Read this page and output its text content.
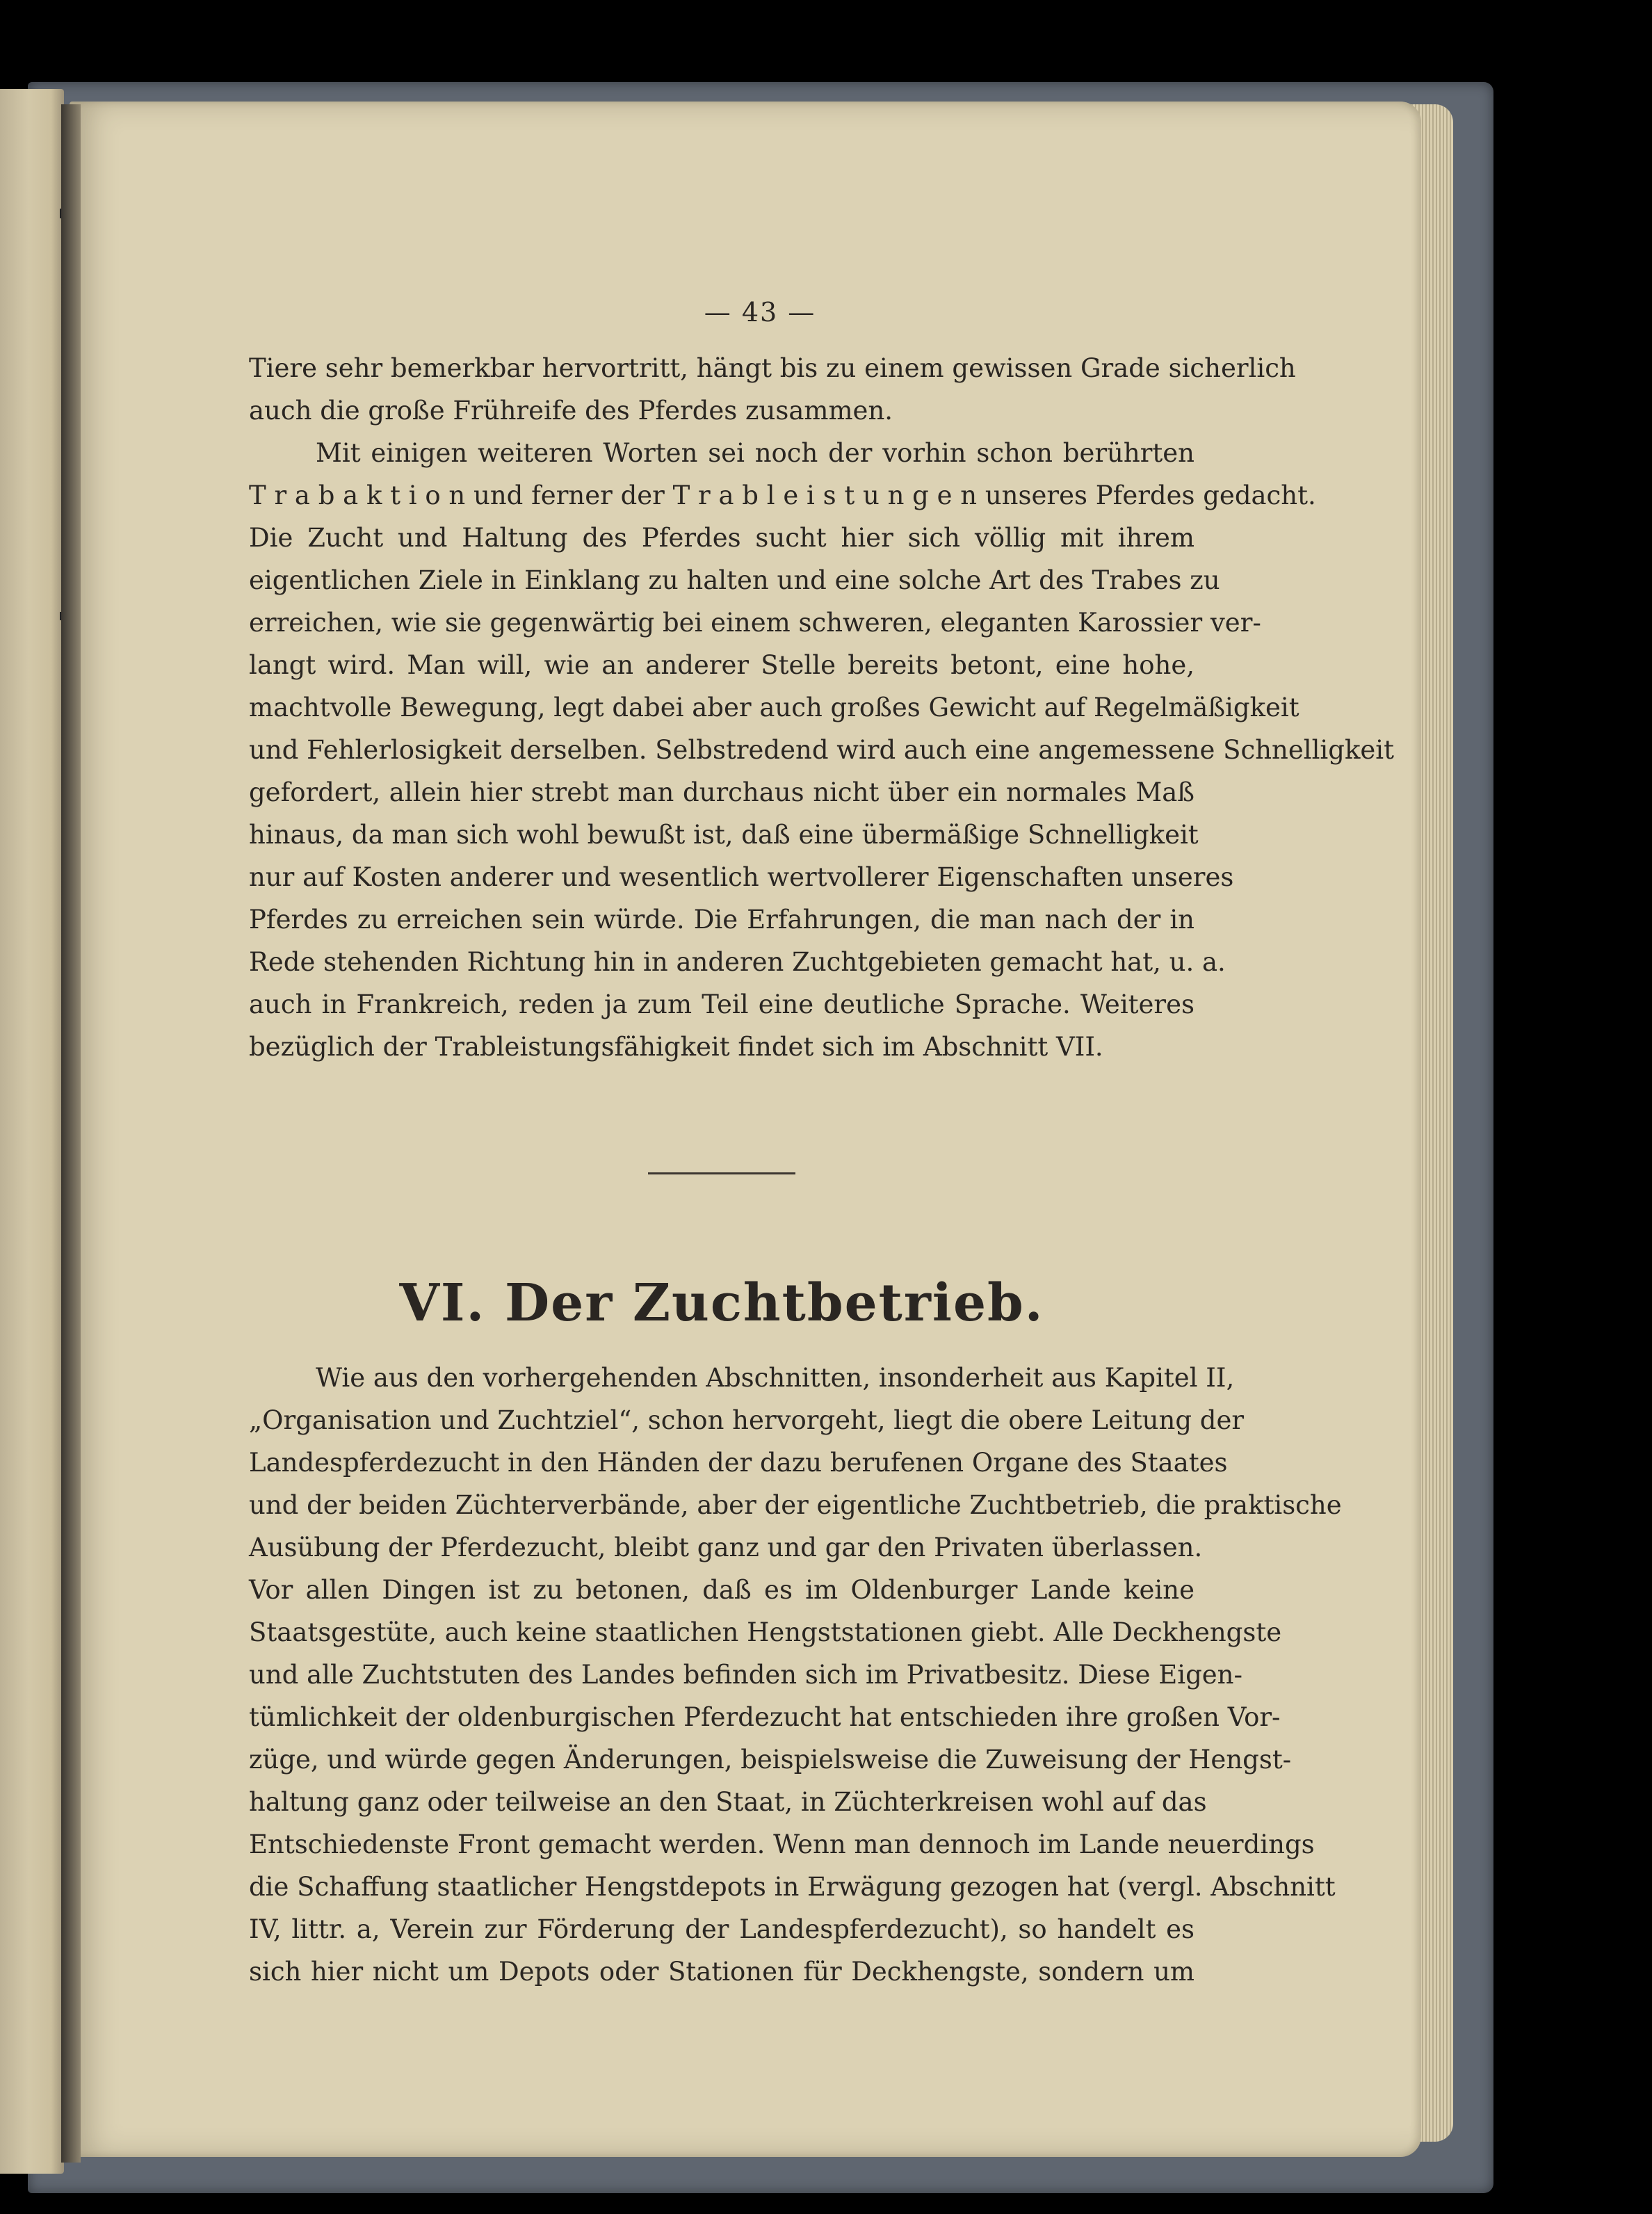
— 43 —
Tiere sehr bemerkbar hervortritt, hängt bis zu einem gewissen Grade sicherlich
auch die große Frühreife des Pferdes zusammen.
Mit einigen weiteren Worten sei noch der vorhin schon berührten
T r a b a k t i o n und ferner der T r a b l e i s t u n g e n unseres Pferdes gedacht.
Die Zucht und Haltung des Pferdes sucht hier sich völlig mit ihrem
eigentlichen Ziele in Einklang zu halten und eine solche Art des Trabes zu
erreichen, wie sie gegenwärtig bei einem schweren, eleganten Karossier ver-
langt wird. Man will, wie an anderer Stelle bereits betont, eine hohe,
machtvolle Bewegung, legt dabei aber auch großes Gewicht auf Regelmäßigkeit
und Fehlerlosigkeit derselben. Selbstredend wird auch eine angemessene Schnelligkeit
gefordert, allein hier strebt man durchaus nicht über ein normales Maß
hinaus, da man sich wohl bewußt ist, daß eine übermäßige Schnelligkeit
nur auf Kosten anderer und wesentlich wertvollerer Eigenschaften unseres
Pferdes zu erreichen sein würde. Die Erfahrungen, die man nach der in
Rede stehenden Richtung hin in anderen Zuchtgebieten gemacht hat, u. a.
auch in Frankreich, reden ja zum Teil eine deutliche Sprache. Weiteres
bezüglich der Trableistungsfähigkeit findet sich im Abschnitt VII.
VI. Der Zuchtbetrieb.
Wie aus den vorhergehenden Abschnitten, insonderheit aus Kapitel II,
„Organisation und Zuchtziel“, schon hervorgeht, liegt die obere Leitung der
Landespferdezucht in den Händen der dazu berufenen Organe des Staates
und der beiden Züchterverbände, aber der eigentliche Zuchtbetrieb, die praktische
Ausübung der Pferdezucht, bleibt ganz und gar den Privaten überlassen.
Vor allen Dingen ist zu betonen, daß es im Oldenburger Lande keine
Staatsgestüte, auch keine staatlichen Hengststationen giebt. Alle Deckhengste
und alle Zuchtstuten des Landes befinden sich im Privatbesitz. Diese Eigen-
tümlichkeit der oldenburgischen Pferdezucht hat entschieden ihre großen Vor-
züge, und würde gegen Änderungen, beispielsweise die Zuweisung der Hengst-
haltung ganz oder teilweise an den Staat, in Züchterkreisen wohl auf das
Entschiedenste Front gemacht werden. Wenn man dennoch im Lande neuerdings
die Schaffung staatlicher Hengstdepots in Erwägung gezogen hat (vergl. Abschnitt
IV, littr. a, Verein zur Förderung der Landespferdezucht), so handelt es
sich hier nicht um Depots oder Stationen für Deckhengste, sondern um
